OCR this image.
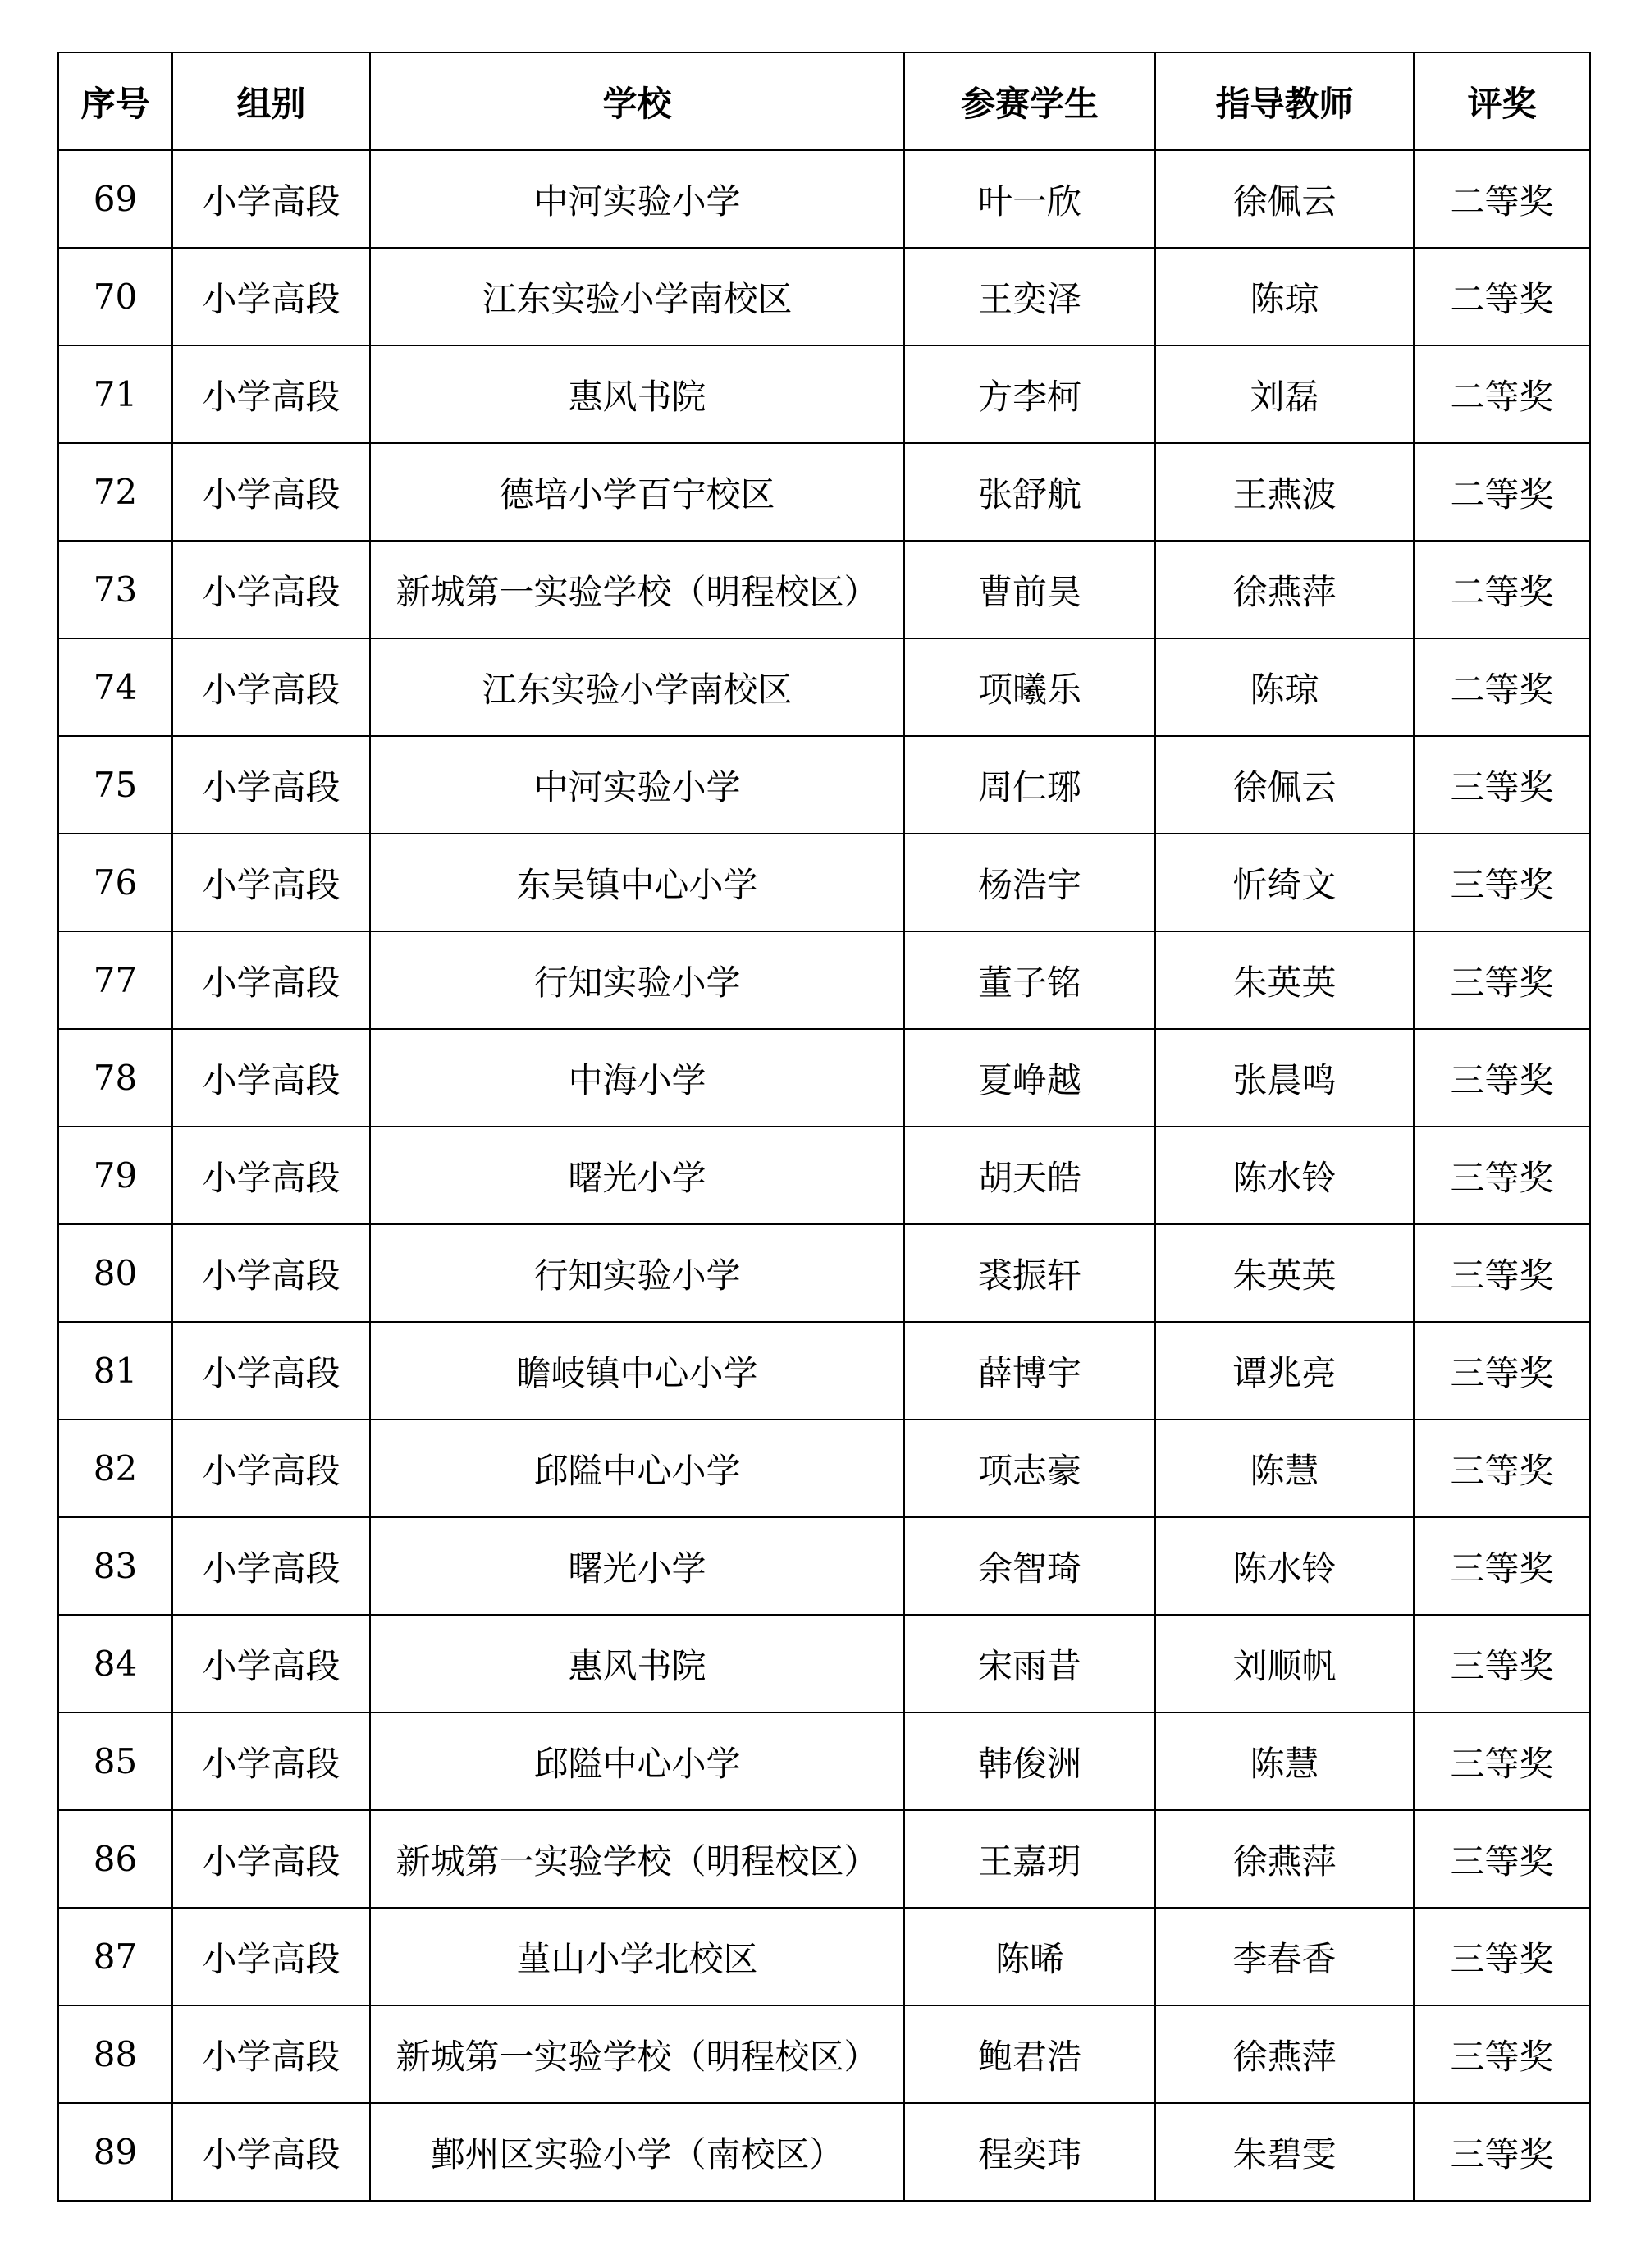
序号	组别	学校	参赛学生	指导教师	评奖
69	小学高段	中河实验小学	叶一欣	徐佩云	二等奖
70	小学高段	江东实验小学南校区	王奕泽	陈琼	二等奖
71	小学高段	惠风书院	方李柯	刘磊	二等奖
72	小学高段	德培小学百宁校区	张舒航	王燕波	二等奖
73	小学高段	新城第一实验学校（明程校区）	曹前昊	徐燕萍	二等奖
74	小学高段	江东实验小学南校区	项曦乐	陈琼	二等奖
75	小学高段	中河实验小学	周仁琊	徐佩云	三等奖
76	小学高段	东吴镇中心小学	杨浩宇	忻绮文	三等奖
77	小学高段	行知实验小学	董子铭	朱英英	三等奖
78	小学高段	中海小学	夏峥越	张晨鸣	三等奖
79	小学高段	曙光小学	胡天皓	陈水铃	三等奖
80	小学高段	行知实验小学	裘振轩	朱英英	三等奖
81	小学高段	瞻岐镇中心小学	薛博宇	谭兆亮	三等奖
82	小学高段	邱隘中心小学	项志豪	陈慧	三等奖
83	小学高段	曙光小学	余智琦	陈水铃	三等奖
84	小学高段	惠风书院	宋雨昔	刘顺帆	三等奖
85	小学高段	邱隘中心小学	韩俊洲	陈慧	三等奖
86	小学高段	新城第一实验学校（明程校区）	王嘉玥	徐燕萍	三等奖
87	小学高段	堇山小学北校区	陈晞	李春香	三等奖
88	小学高段	新城第一实验学校（明程校区）	鲍君浩	徐燕萍	三等奖
89	小学高段	鄞州区实验小学（南校区）	程奕玮	朱碧雯	三等奖
